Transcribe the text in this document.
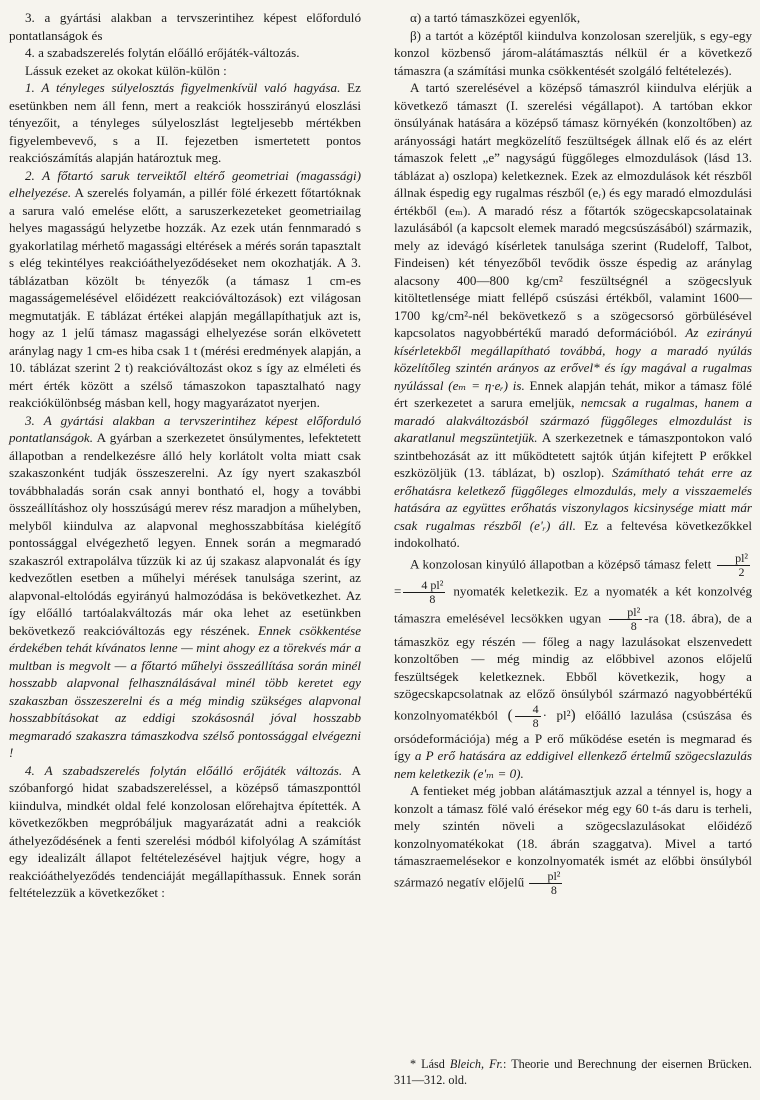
3. a gyártási alakban a tervszerintihez képest előforduló pontatlanságok és

4. a szabadszerelés folytán előálló erőjáték-változás.

Lássuk ezeket az okokat külön-külön :

1. A tényleges súlyelosztás figyelmenkívül való hagyása. Ez esetünkben nem áll fenn, mert a reakciók hosszirányú eloszlási tényezőit, a tényleges súlyeloszlást legteljesebb mértékben figyelembevevő, s a II. fejezetben ismertetett pontos reakciószámítás alapján határoztuk meg.

2. A főtartó saruk terveiktől eltérő geometriai (magassági) elhelyezése. A szerelés folyamán, a pillér fölé érkezett főtartóknak a sarura való emelése előtt, a saruszerkezeteket geometriailag helyes magasságú helyzetbe hozzák. Az ezek után fennmaradó s gyakorlatilag mérhető magassági eltérések a mérés során tapasztalt s elég tekintélyes reakcióáthelyeződéseket nem okozhatják. A 3. táblázatban közölt bₜ tényezők (a támasz 1 cm-es magasságemelésével előidézett reakcióváltozások) ezt világosan megmutatják. E táblázat értékei alapján megállapíthatjuk azt is, hogy az 1 jelű támasz magassági elhelyezése során elkövetett aránylag nagy 1 cm-es hiba csak 1 t (mérési eredmények alapján, a 10. táblázat szerint 2 t) reakcióváltozást okoz s így az elméleti és mért érték között a szélső támaszokon tapasztalható nagy reakciókülönbség másban kell, hogy magyarázatot nyerjen.

3. A gyártási alakban a tervszerintihez képest előforduló pontatlanságok. A gyárban a szerkezetet önsúlymentes, lefektetett állapotban a rendelkezésre álló hely korlátolt volta miatt csak szakaszonként tudják összeszerelni. Az így nyert szakaszból továbbhaladás során csak annyi bontható el, hogy a további összeállításhoz oly hosszúságú merev rész maradjon a műhelyben, melyből kiindulva az alapvonal meghosszabbítása kielégítő pontossággal elvégezhető legyen. Ennek során a megmaradó szakaszról extrapolálva tűzzük ki az új szakasz alapvonalát és így kedvezőtlen esetben a műhelyi mérések tanulsága szerint, az alapvonal-eltolódás egyirányú halmozódása is bekövetkezhet. Az így előálló tartóalakváltozás már oka lehet az esetünkben bekövetkező reakcióváltozás egy részének. Ennek csökkentése érdekében tehát kívánatos lenne — mint ahogy ez a törekvés már a multban is megvolt — a főtartó műhelyi összeállítása során minél hosszabb alapvonal felhasználásával minél több keretet egy szakaszban összeszerelni és a még mindig szükséges alapvonal hosszabbításokat az eddigi szokásosnál jóval hosszabb megmaradó szakaszra támaszkodva szélső pontossággal elvégezni !

4. A szabadszerelés folytán előálló erőjáték változás. A szóbanforgó hidat szabadszereléssel, a középső támaszponttól kiindulva, mindkét oldal felé konzolosan előrehajtva építették. A következőkben megpróbáljuk magyarázatát adni a reakciók áthelyeződésének a fenti szerelési módból kifolyólag A számítást egy idealizált állapot feltételezésével hajtjuk végre, hogy a reakcióáthelyeződés tendenciáját megállapíthassuk. Ennek során feltételezzük a következőket :

α) a tartó támaszközei egyenlők,

β) a tartót a középtől kiindulva konzolosan szereljük, s egy-egy konzol közbenső járom-alátámasztás nélkül ér a következő támaszra (a számítási munka csökkentését szolgáló feltételezés).

A tartó szerelésével a középső támaszról kiindulva elérjük a következő támaszt (I. szerelési végállapot). A tartóban ekkor önsúlyának hatására a középső támasz környékén (konzoltőben) az arányossági határt megközelítő feszültségek állnak elő és az elért támaszok felett „e” nagyságú függőleges elmozdulások (lásd 13. táblázat a) oszlopa) keletkeznek. Ezek az elmozdulások két részből állnak éspedig egy rugalmas részből (eᵣ) és egy maradó elmozdulási értékből (eₘ). A maradó rész a főtartók szögecskapcsolatainak lazulásából (a kapcsolt elemek maradó megcsúszásából) származik, mely az idevágó kísérletek tanulsága szerint (Rudeloff, Talbot, Findeisen) két tényezőből tevődik össze éspedig az aránylag alacsony 400—800 kg/cm² feszültségnél a szögecslyuk kitöltetlensége miatt fellépő csúszási értékből, valamint 1600—1700 kg/cm²-nél bekövetkező s a szögecsorsó görbülésével kapcsolatos nagyobbértékű maradó deformációból. Az ezirányú kísérletekből megállapítható továbbá, hogy a maradó nyúlás közelítőleg szintén arányos az erővel* és így magával a rugalmas nyúlással (eₘ = η·eᵣ) is. Ennek alapján tehát, mikor a támasz fölé ért szerkezetet a sarura emeljük, nemcsak a rugalmas, hanem a maradó alakváltozásból származó függőleges elmozdulást is akaratlanul megszüntetjük. A szerkezetnek e támaszpontokon való szintbehozását az itt működtetett sajtók útján kifejtett P erőkkel eszközöljük (13. táblázat, b) oszlop). Számítható tehát erre az erőhatásra keletkező függőleges elmozdulás, mely a visszaemelés hatására az együttes erőhatás viszonylagos kicsinysége miatt már csak rugalmas részből (e'ᵣ) áll. Ez a feltevésa következőkkel indokolható.

A konzolosan kinyúló állapotban a középső támasz felett $\frac{\text{pl²}}{2}$
= $\frac{\text{4 pl²}}{8}$ nyomaték keletkezik. Ez a nyomaték a két konzolvég támaszra emelésével lecsökken ugyan $\frac{\text{pl²}}{8} -ra$ (18. ábra), de a támaszköz egy részén — főleg a nagy lazulásokat elszenvedett konzoltőben — még mindig az előbbivel azonos előjelű feszültségek keletkeznek. Ebből következik, hogy a szögecskapcsolatnak az előző önsúlyból származó nagyobbértékű konzolnyomatékból ( $\frac{4}{8} \cdot pl^2$) előálló lazulása (csúszása és orsódeformációja) még a P erő működése esetén is megmarad és így a P erő hatására az eddigivel ellenkező értelmű szögecslazulás nem keletkezik (e'ₘ = 0).

A fentieket még jobban alátámasztjuk azzal a ténnyel is, hogy a konzolt a támasz fölé való érésekor még egy 60 t-ás daru is terheli, mely szintén növeli a szögecslazulásokat előidéző konzolnyomatékokat (18. ábrán szaggatva). Mivel a tartó támaszraemelésekor e konzolnyomaték ismét az előbbi önsúlyból származó negatív előjelű $\frac{\text{pl²}}{8}$

* Lásd Bleich, Fr.: Theorie und Berechnung der eisernen Brücken. 311—312. old.
